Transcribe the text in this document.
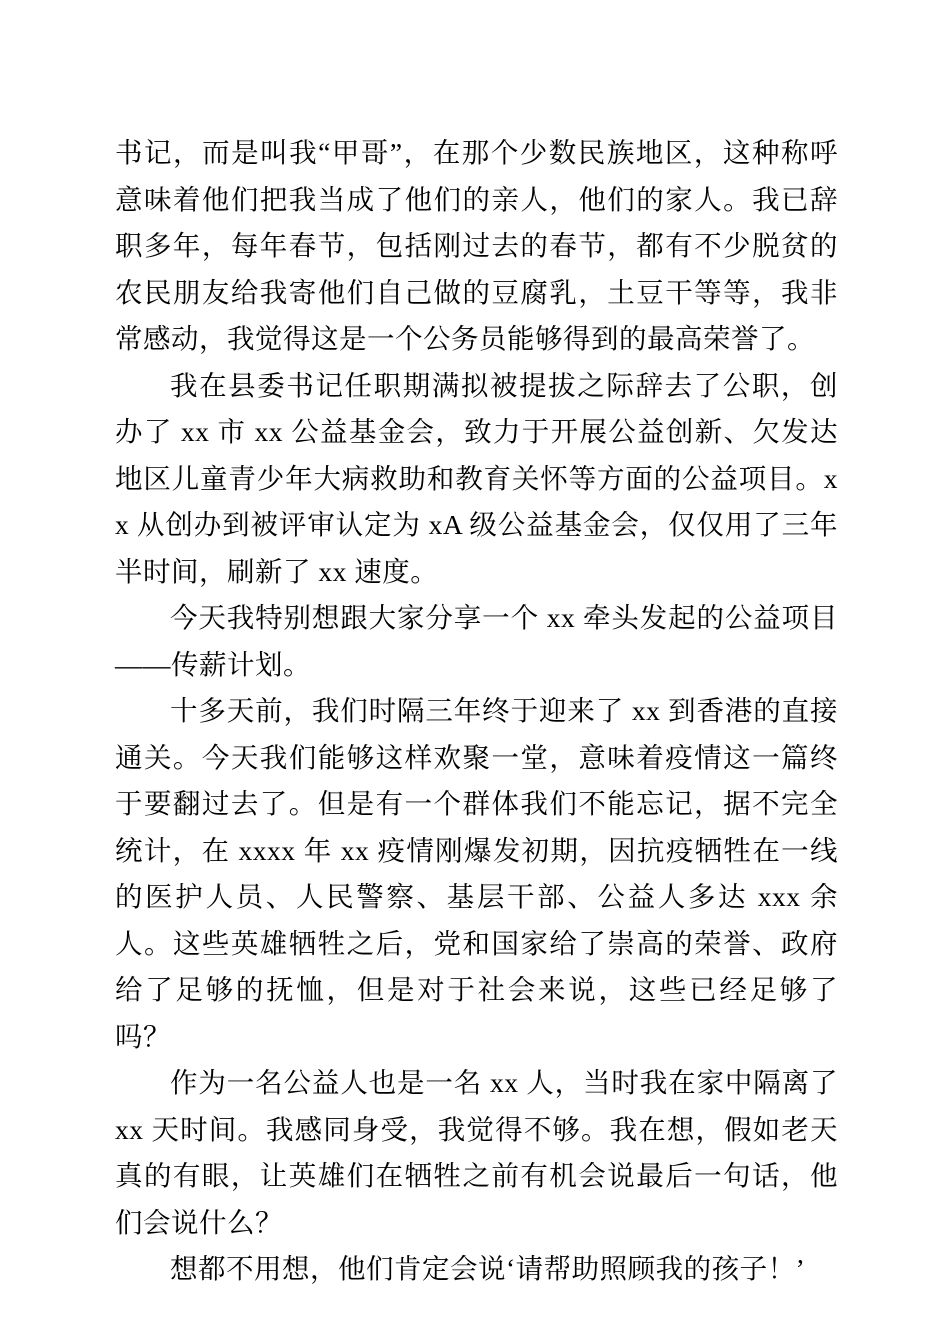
书记，而是叫我“甲哥”，在那个少数民族地区，这种称呼意味着他们把我当成了他们的亲人，他们的家人。我已辞职多年，每年春节，包括刚过去的春节，都有不少脱贫的农民朋友给我寄他们自己做的豆腐乳，土豆干等等，我非常感动，我觉得这是一个公务员能够得到的最高荣誉了。

我在县委书记任职期满拟被提拔之际辞去了公职，创办了 xx 市 xx 公益基金会，致力于开展公益创新、欠发达地区儿童青少年大病救助和教育关怀等方面的公益项目。xx 从创办到被评审认定为 xA 级公益基金会，仅仅用了三年半时间，刷新了 xx 速度。

今天我特别想跟大家分享一个 xx 牵头发起的公益项目——传薪计划。

十多天前，我们时隔三年终于迎来了 xx 到香港的直接通关。今天我们能够这样欢聚一堂，意味着疫情这一篇终于要翻过去了。但是有一个群体我们不能忘记，据不完全统计，在 xxxx 年 xx 疫情刚爆发初期，因抗疫牺牲在一线的医护人员、人民警察、基层干部、公益人多达 xxx 余人。这些英雄牺牲之后，党和国家给了崇高的荣誉、政府给了足够的抚恤，但是对于社会来说，这些已经足够了吗？

作为一名公益人也是一名 xx 人，当时我在家中隔离了 xx 天时间。我感同身受，我觉得不够。我在想，假如老天真的有眼，让英雄们在牺牲之前有机会说最后一句话，他们会说什么？

想都不用想，他们肯定会说‘请帮助照顾我的孩子！’
